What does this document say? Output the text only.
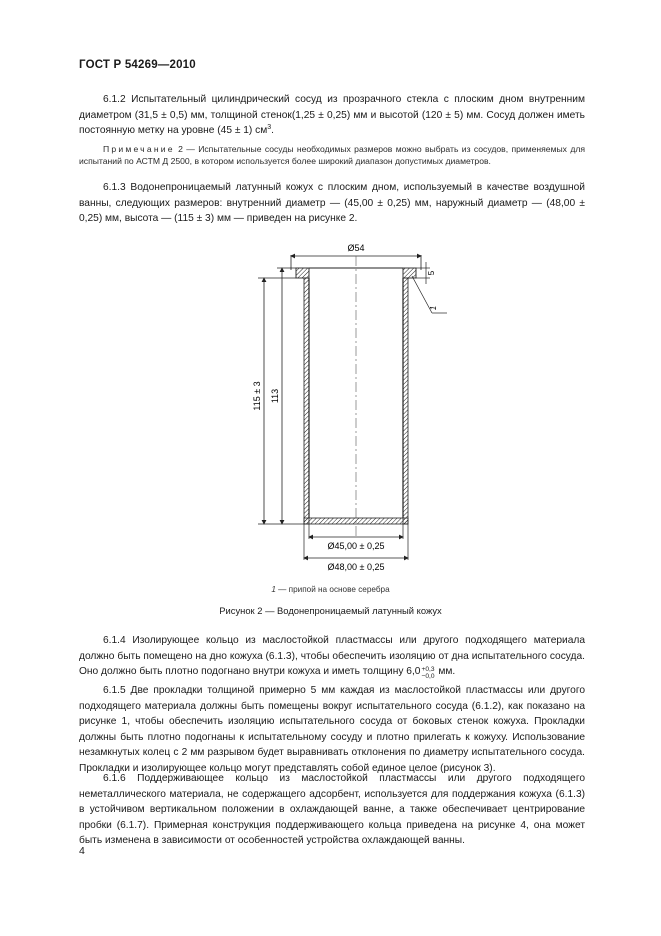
ГОСТ Р 54269—2010

6.1.2 Испытательный цилиндрический сосуд из прозрачного стекла с плоским дном внутренним диаметром (31,5 ± 0,5) мм, толщиной стенок(1,25 ± 0,25) мм и высотой (120 ± 5) мм. Сосуд должен иметь постоянную метку на уровне (45 ± 1) $см^3$.

Примечание 2 — Испытательные сосуды необходимых размеров можно выбрать из сосудов, применяемых для испытаний по АСТМ Д 2500, в котором используется более широкий диапазон допустимых диаметров.

6.1.3 Водонепроницаемый латунный кожух с плоским дном, используемый в качестве воздушной ванны, следующих размеров: внутренний диаметр — (45,00 ± 0,25) мм, наружный диаметр — (48,00 ± 0,25) мм, высота — (115 ± 3) мм — приведен на рисунке 2.

Ø54
5
1
115 ± 3 113
Ø45,00 ± 0,25
Ø48,00 ± 0,25
1 — припой на основе серебра
Рисунок 2 — Водонепроницаемый латунный кожух

6.1.4 Изолирующее кольцо из маслостойкой пластмассы или другого подходящего материала должно быть помещено на дно кожуха (6.1.3), чтобы обеспечить изоляцию от дна испытательного сосуда. Оно должно быть плотно подогнано внутри кожуха и иметь толщину 6,0 +0,3
−0,0 мм.

6.1.5 Две прокладки толщиной примерно 5 мм каждая из маслостойкой пластмассы или другого подходящего материала должны быть помещены вокруг испытательного сосуда (6.1.2), как показано на рисунке 1, чтобы обеспечить изоляцию испытательного сосуда от боковых стенок кожуха. Прокладки должны быть плотно подогнаны к испытательному сосуду и плотно прилегать к кожуху. Использование незамкнутых колец с 2 мм разрывом будет выравнивать отклонения по диаметру испытательного сосуда. Прокладки и изолирующее кольцо могут представлять собой единое целое (рисунок 3).

6.1.6 Поддерживающее кольцо из маслостойкой пластмассы или другого подходящего неметаллического материала, не содержащего адсорбент, используется для поддержания кожуха (6.1.3) в устойчивом вертикальном положении в охлаждающей ванне, а также обеспечивает центрирование пробки (6.1.7). Примерная конструкция поддерживающего кольца приведена на рисунке 4, она может быть изменена в зависимости от особенностей устройства охлаждающей ванны.

4
